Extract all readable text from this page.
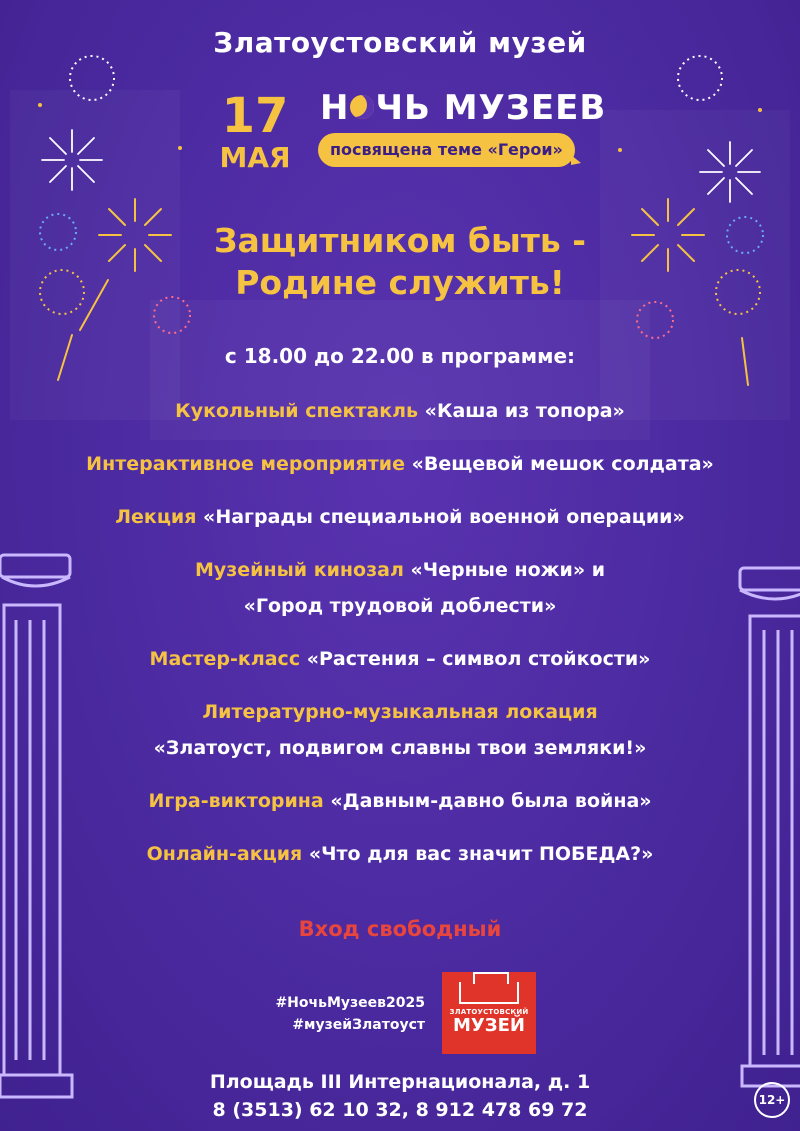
Златоустовский музей
17
МАЯ
Н ЧЬ МУЗЕЕВ
посвящена теме «Герои»
Защитником быть -
Родине служить!
с 18.00 до 22.00 в программе:
Кукольный спектакль «Каша из топора»
Интерактивное мероприятие «Вещевой мешок солдата»
Лекция «Награды специальной военной операции»
Музейный кинозал «Черные ножи» и
«Город трудовой доблести»
Мастер-класс «Растения – символ стойкости»
Литературно-музыкальная локация
«Златоуст, подвигом славны твои земляки!»
Игра-викторина «Давным-давно была война»
Онлайн-акция «Что для вас значит ПОБЕДА?»
Вход свободный
#НочьМузеев2025
#музейЗлатоуст
ЗЛАТОУСТОВСКИЙ
МУЗЕЙ
Площадь III Интернационала, д. 1
8 (3513) 62 10 32, 8 912 478 69 72	12+
